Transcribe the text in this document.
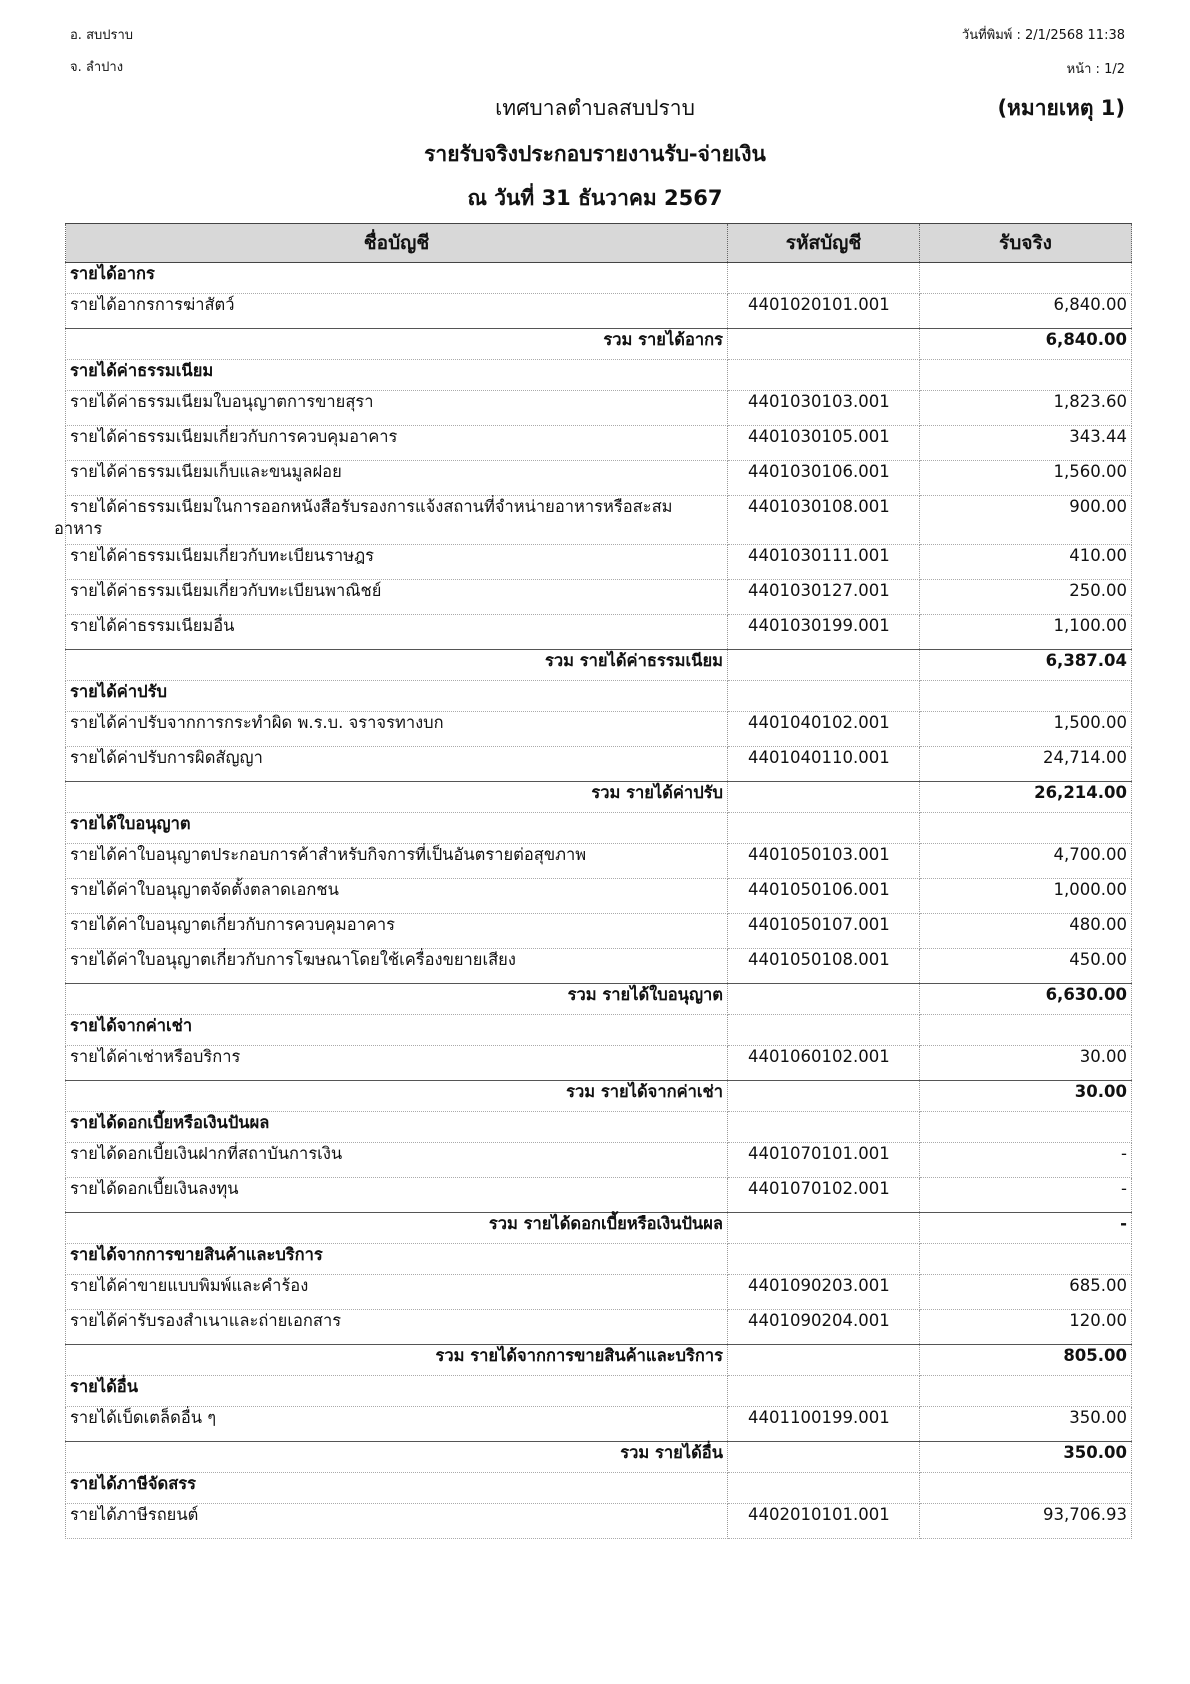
อ. สบปราบ
จ. ลำปาง
วันที่พิมพ์ : 2/1/2568 11:38
หน้า : 1/2
เทศบาลตำบลสบปราบ	(หมายเหตุ 1)
รายรับจริงประกอบรายงานรับ-จ่ายเงิน
ณ วันที่ 31 ธันวาคม 2567
ชื่อบัญชี	รหัสบัญชี	รับจริง
รายได้อากร		
รายได้อากรการฆ่าสัตว์	4401020101.001	6,840.00
รวม รายได้อากร		6,840.00
รายได้ค่าธรรมเนียม		
รายได้ค่าธรรมเนียมใบอนุญาตการขายสุรา	4401030103.001	1,823.60
รายได้ค่าธรรมเนียมเกี่ยวกับการควบคุมอาคาร	4401030105.001	343.44
รายได้ค่าธรรมเนียมเก็บและขนมูลฝอย	4401030106.001	1,560.00
รายได้ค่าธรรมเนียมในการออกหนังสือรับรองการแจ้งสถานที่จำหน่ายอาหารหรือสะสม
อาหาร	4401030108.001	900.00
รายได้ค่าธรรมเนียมเกี่ยวกับทะเบียนราษฎร	4401030111.001	410.00
รายได้ค่าธรรมเนียมเกี่ยวกับทะเบียนพาณิชย์	4401030127.001	250.00
รายได้ค่าธรรมเนียมอื่น	4401030199.001	1,100.00
รวม รายได้ค่าธรรมเนียม		6,387.04
รายได้ค่าปรับ		
รายได้ค่าปรับจากการกระทำผิด พ.ร.บ. จราจรทางบก	4401040102.001	1,500.00
รายได้ค่าปรับการผิดสัญญา	4401040110.001	24,714.00
รวม รายได้ค่าปรับ		26,214.00
รายได้ใบอนุญาต		
รายได้ค่าใบอนุญาตประกอบการค้าสำหรับกิจการที่เป็นอันตรายต่อสุขภาพ	4401050103.001	4,700.00
รายได้ค่าใบอนุญาตจัดตั้งตลาดเอกชน	4401050106.001	1,000.00
รายได้ค่าใบอนุญาตเกี่ยวกับการควบคุมอาคาร	4401050107.001	480.00
รายได้ค่าใบอนุญาตเกี่ยวกับการโฆษณาโดยใช้เครื่องขยายเสียง	4401050108.001	450.00
รวม รายได้ใบอนุญาต		6,630.00
รายได้จากค่าเช่า		
รายได้ค่าเช่าหรือบริการ	4401060102.001	30.00
รวม รายได้จากค่าเช่า		30.00
รายได้ดอกเบี้ยหรือเงินปันผล		
รายได้ดอกเบี้ยเงินฝากที่สถาบันการเงิน	4401070101.001	-
รายได้ดอกเบี้ยเงินลงทุน	4401070102.001	-
รวม รายได้ดอกเบี้ยหรือเงินปันผล		-
รายได้จากการขายสินค้าและบริการ		
รายได้ค่าขายแบบพิมพ์และคำร้อง	4401090203.001	685.00
รายได้ค่ารับรองสำเนาและถ่ายเอกสาร	4401090204.001	120.00
รวม รายได้จากการขายสินค้าและบริการ		805.00
รายได้อื่น		
รายได้เบ็ดเตล็ดอื่น ๆ	4401100199.001	350.00
รวม รายได้อื่น		350.00
รายได้ภาษีจัดสรร		
รายได้ภาษีรถยนต์	4402010101.001	93,706.93
